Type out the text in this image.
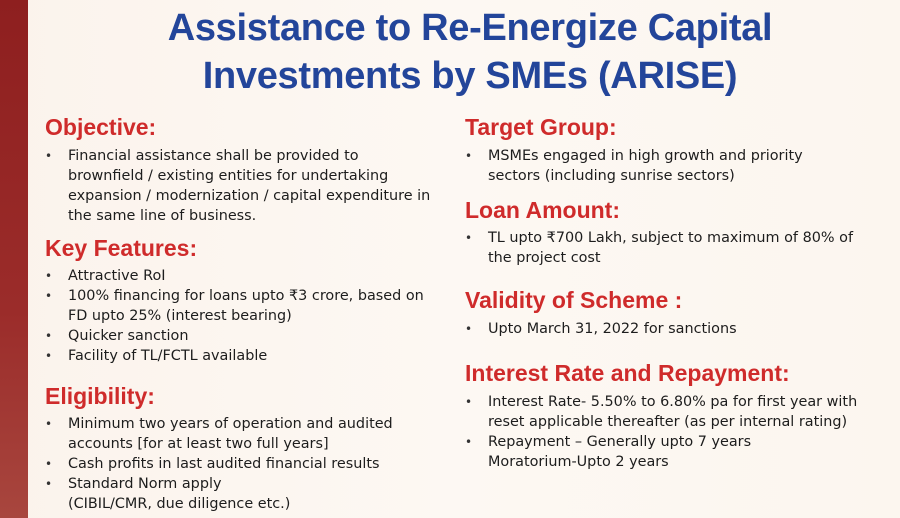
Assistance to Re-Energize Capital
Investments by SMEs (ARISE)
Objective:
• Financial assistance shall be provided to brownfield / existing entities for undertaking expansion / modernization / capital expenditure in the same line of business.
Key Features:
• Attractive RoI
• 100% financing for loans upto ₹3 crore, based on FD upto 25% (interest bearing)
• Quicker sanction
• Facility of TL/FCTL available
Eligibility:
• Minimum two years of operation and audited accounts [for at least two full years]
• Cash profits in last audited financial results
• Standard Norm apply
(CIBIL/CMR, due diligence etc.)
Target Group:
• MSMEs engaged in high growth and priority sectors (including sunrise sectors)
Loan Amount:
• TL upto ₹700 Lakh, subject to maximum of 80% of the project cost
Validity of Scheme :
• Upto March 31, 2022 for sanctions
Interest Rate and Repayment:
• Interest Rate- 5.50% to 6.80% pa for first year with reset applicable thereafter (as per internal rating)
• Repayment – Generally upto 7 years
Moratorium-Upto 2 years
